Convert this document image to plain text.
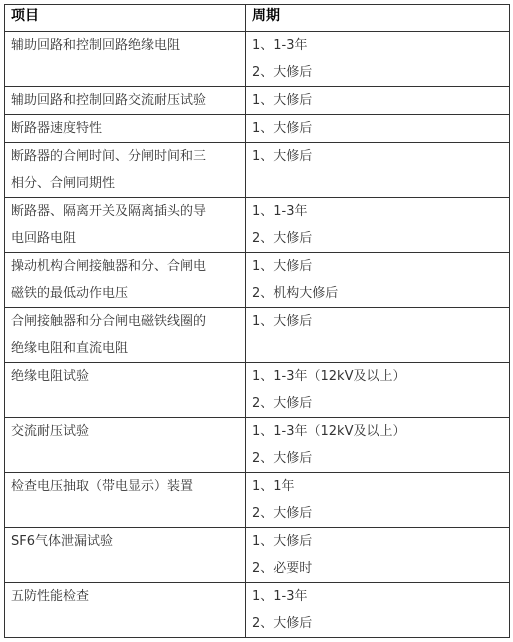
项目	周期

辅助回路和控制回路绝缘电阻	1、1-3年
2、大修后

辅助回路和控制回路交流耐压试验	1、大修后

断路器速度特性	1、大修后

断路器的合闸时间、分闸时间和三
相分、合闸同期性	1、大修后

断路器、隔离开关及隔离插头的导
电回路电阻	1、1-3年
2、大修后

操动机构合闸接触器和分、合闸电
磁铁的最低动作电压	1、大修后
2、机构大修后

合闸接触器和分合闸电磁铁线圈的
绝缘电阻和直流电阻	1、大修后

绝缘电阻试验	1、1-3年（12kV及以上）
2、大修后

交流耐压试验	1、1-3年（12kV及以上）
2、大修后

检查电压抽取（带电显示）装置	1、1年
2、大修后

SF6气体泄漏试验	1、大修后
2、必要时

五防性能检查	1、1-3年
2、大修后
